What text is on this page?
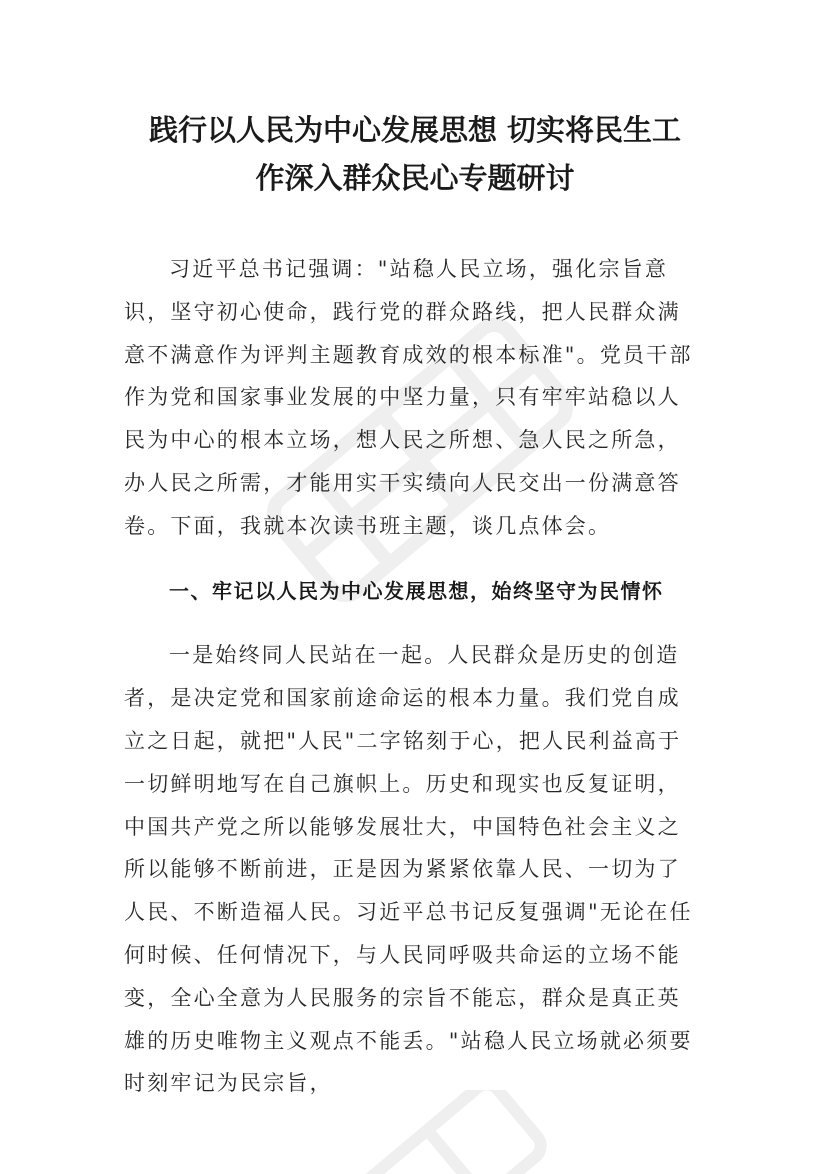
践行以人民为中心发展思想 切实将民生工
作深入群众民心专题研讨

习近平总书记强调："站稳人民立场，强化宗旨意识，坚守初心使命，践行党的群众路线，把人民群众满意不满意作为评判主题教育成效的根本标准"。党员干部作为党和国家事业发展的中坚力量，只有牢牢站稳以人民为中心的根本立场，想人民之所想、急人民之所急，办人民之所需，才能用实干实绩向人民交出一份满意答卷。下面，我就本次读书班主题，谈几点体会。

一、牢记以人民为中心发展思想，始终坚守为民情怀

一是始终同人民站在一起。人民群众是历史的创造者，是决定党和国家前途命运的根本力量。我们党自成立之日起，就把"人民"二字铭刻于心，把人民利益高于一切鲜明地写在自己旗帜上。历史和现实也反复证明，中国共产党之所以能够发展壮大，中国特色社会主义之所以能够不断前进，正是因为紧紧依靠人民、一切为了人民、不断造福人民。习近平总书记反复强调"无论在任何时候、任何情况下，与人民同呼吸共命运的立场不能变，全心全意为人民服务的宗旨不能忘，群众是真正英雄的历史唯物主义观点不能丢。"站稳人民立场就必须要时刻牢记为民宗旨，
